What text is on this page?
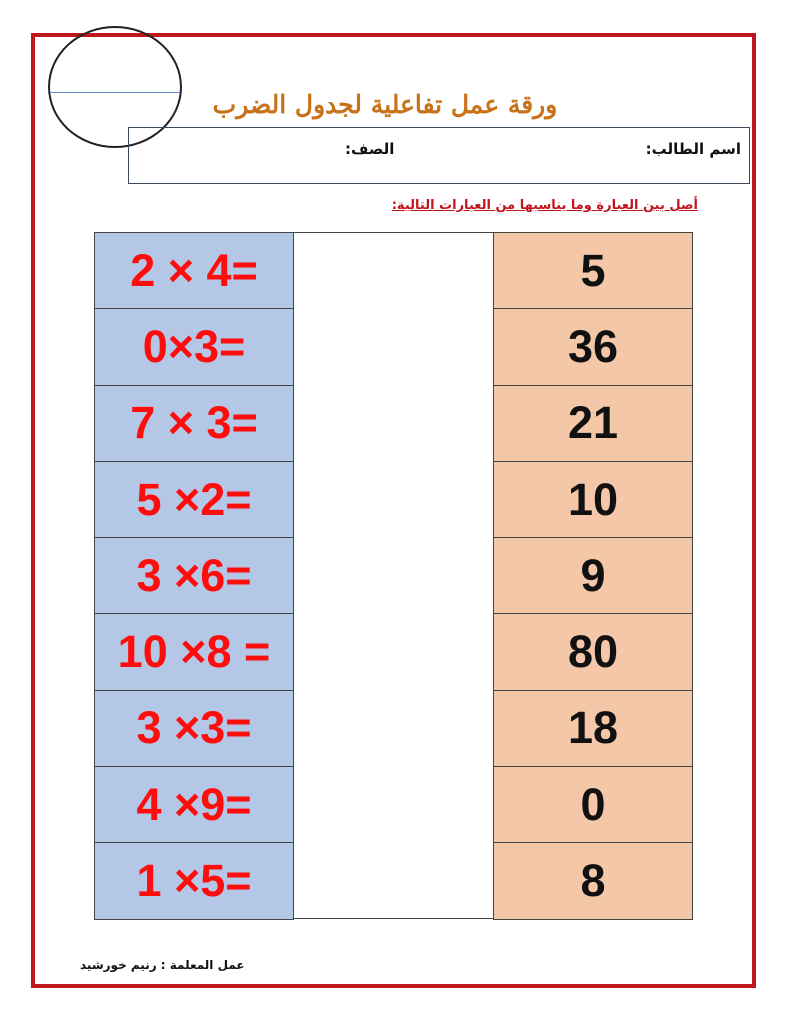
ورقة عمل تفاعلية لجدول الضرب
اسم الطالب:
الصف:
أصل بين العبارة وما يناسبها من العبارات التالية:
2 × 4=
0×3=
7 × 3=
5 ×2=
3 ×6=
10 ×8 =
3 ×3=
4 ×9=
1 ×5=
5
36
21
10
9
80
18
0
8
عمل المعلمة : رنيم خورشيد
